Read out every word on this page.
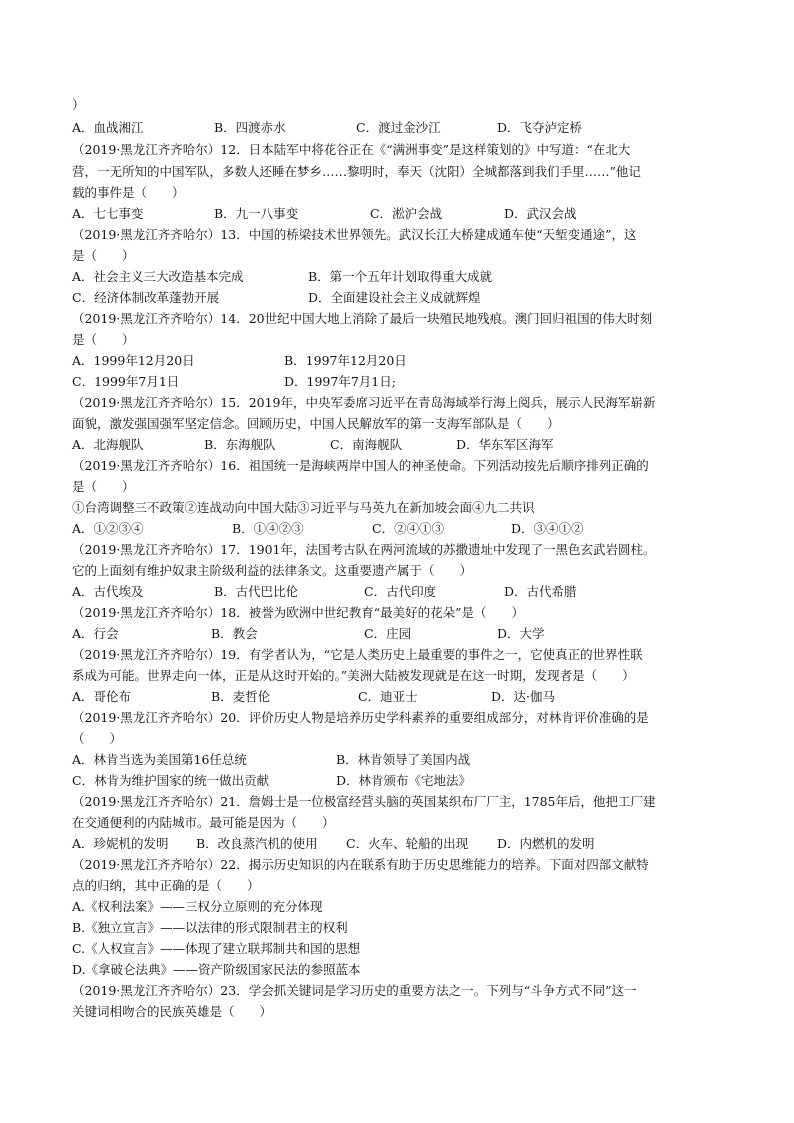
）
A．血战湘江	B．四渡赤水	C．渡过金沙江	D．飞夺泸定桥
（2019·黑龙江齐齐哈尔）12．日本陆军中将花谷正在《“满洲事变”是这样策划的》中写道：“在北大
营，一无所知的中国军队，多数人还睡在梦乡……黎明时，奉天（沈阳）全城都落到我们手里……”他记
载的事件是（　　）
A．七七事变	B．九一八事变	C．淞沪会战	D．武汉会战
（2019·黑龙江齐齐哈尔）13．中国的桥梁技术世界领先。武汉长江大桥建成通车使“天堑变通途”，这
是（　　）
A．社会主义三大改造基本完成	B．第一个五年计划取得重大成就
C．经济体制改革蓬勃开展	D．全面建设社会主义成就辉煌
（2019·黑龙江齐齐哈尔）14．20世纪中国大地上消除了最后一块殖民地残痕。澳门回归祖国的伟大时刻
是（　　）
A．1999年12月20日	B．1997年12月20日
C．1999年7月1日	D．1997年7月1日;
（2019·黑龙江齐齐哈尔）15．2019年，中央军委席习近平在青岛海域举行海上阅兵，展示人民海军崭新
面貌，激发强国强军坚定信念。回顾历史，中国人民解放军的第一支海军部队是（　　）
A．北海舰队	B．东海舰队	C．南海舰队	D．华东军区海军
（2019·黑龙江齐齐哈尔）16．祖国统一是海峡两岸中国人的神圣使命。下列活动按先后顺序排列正确的
是（　　）
①台湾调整三不政策②连战动向中国大陆③习近平与马英九在新加坡会面④九二共识
A．①②③④	B．①④②③	C．②④①③	D．③④①②
（2019·黑龙江齐齐哈尔）17．1901年，法国考古队在两河流域的苏撒遗址中发现了一黑色玄武岩圆柱。
它的上面刻有维护奴隶主阶级利益的法律条文。这重要遗产属于（　　）
A．古代埃及	B．古代巴比伦	C．古代印度	D．古代希腊
（2019·黑龙江齐齐哈尔）18．被誉为欧洲中世纪教育“最美好的花朵”是（　　）
A．行会	B．教会	C．庄园	D．大学
（2019·黑龙江齐齐哈尔）19．有学者认为，“它是人类历史上最重要的事件之一，它使真正的世界性联
系成为可能。世界走向一体，正是从这时开始的。”美洲大陆被发现就是在这一时期，发现者是（　　）
A．哥伦布	B．麦哲伦	C．迪亚士	D．达·伽马
（2019·黑龙江齐齐哈尔）20．评价历史人物是培养历史学科素养的重要组成部分，对林肯评价准确的是
（　　）
A．林肯当选为美国第16任总统	B．林肯领导了美国内战
C．林肯为维护国家的统一做出贡献	D．林肯颁布《宅地法》
（2019·黑龙江齐齐哈尔）21．詹姆士是一位极富经营头脑的英国某织布厂厂主，1785年后，他把工厂建
在交通便利的内陆城市。最可能是因为（　　）
A．珍妮机的发明 B．改良蒸汽机的使用 C．火车、轮船的出现 D．内燃机的发明
（2019·黑龙江齐齐哈尔）22．揭示历史知识的内在联系有助于历史思维能力的培养。下面对四部文献特
点的归纳，其中正确的是（　　）
A.《权利法案》——三权分立原则的充分体现
B.《独立宣言》——以法律的形式限制君主的权利
C.《人权宣言》——体现了建立联邦制共和国的思想
D.《拿破仑法典》——资产阶级国家民法的参照蓝本
（2019·黑龙江齐齐哈尔）23．学会抓关键词是学习历史的重要方法之一。下列与“斗争方式不同”这一
关键词相吻合的民族英雄是（　　）
